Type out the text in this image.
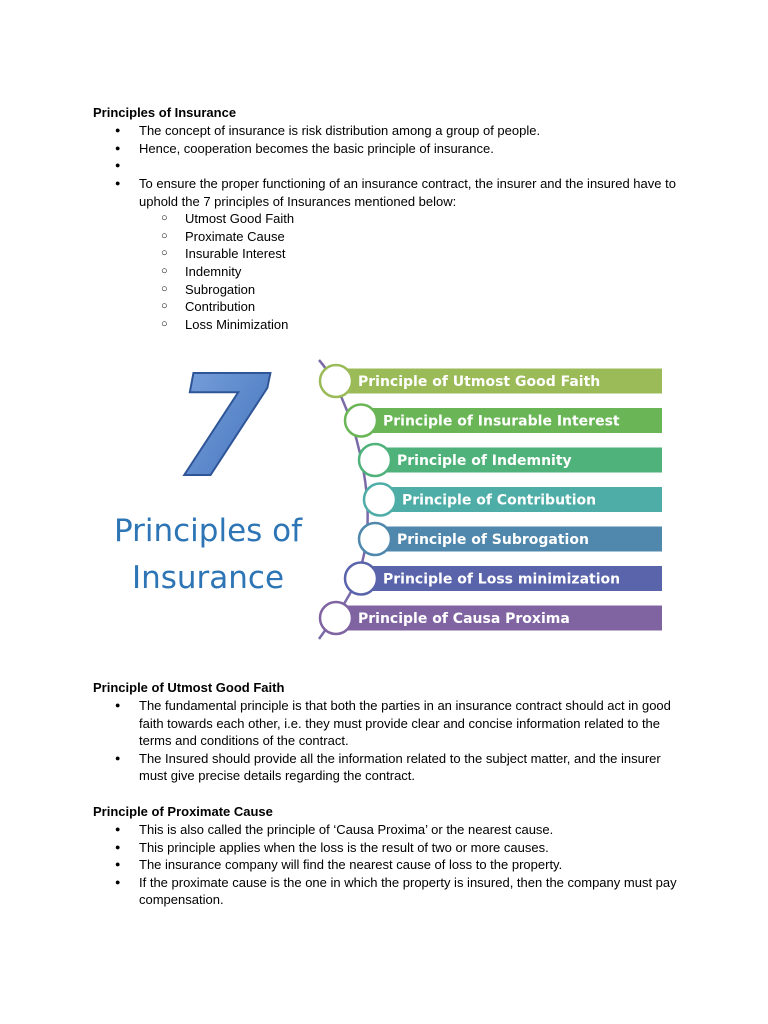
Principles of Insurance
● The concept of insurance is risk distribution among a group of people.
● Hence, cooperation becomes the basic principle of insurance.
●
● To ensure the proper functioning of an insurance contract, the insurer and the insured have to uphold the 7 principles of Insurances mentioned below:
○ Utmost Good Faith
○ Proximate Cause
○ Insurable Interest
○ Indemnity
○ Subrogation
○ Contribution
○ Loss Minimization
7
Principles of
Insurance
Principle of Utmost Good Faith
Principle of Insurable Interest
Principle of Indemnity
Principle of Contribution
Principle of Subrogation
Principle of Loss minimization
Principle of Causa Proxima
Principle of Utmost Good Faith
● The fundamental principle is that both the parties in an insurance contract should act in good faith towards each other, i.e. they must provide clear and concise information related to the terms and conditions of the contract.
● The Insured should provide all the information related to the subject matter, and the insurer must give precise details regarding the contract.
Principle of Proximate Cause
● This is also called the principle of ‘Causa Proxima’ or the nearest cause.
● This principle applies when the loss is the result of two or more causes.
● The insurance company will find the nearest cause of loss to the property.
● If the proximate cause is the one in which the property is insured, then the company must pay compensation.
